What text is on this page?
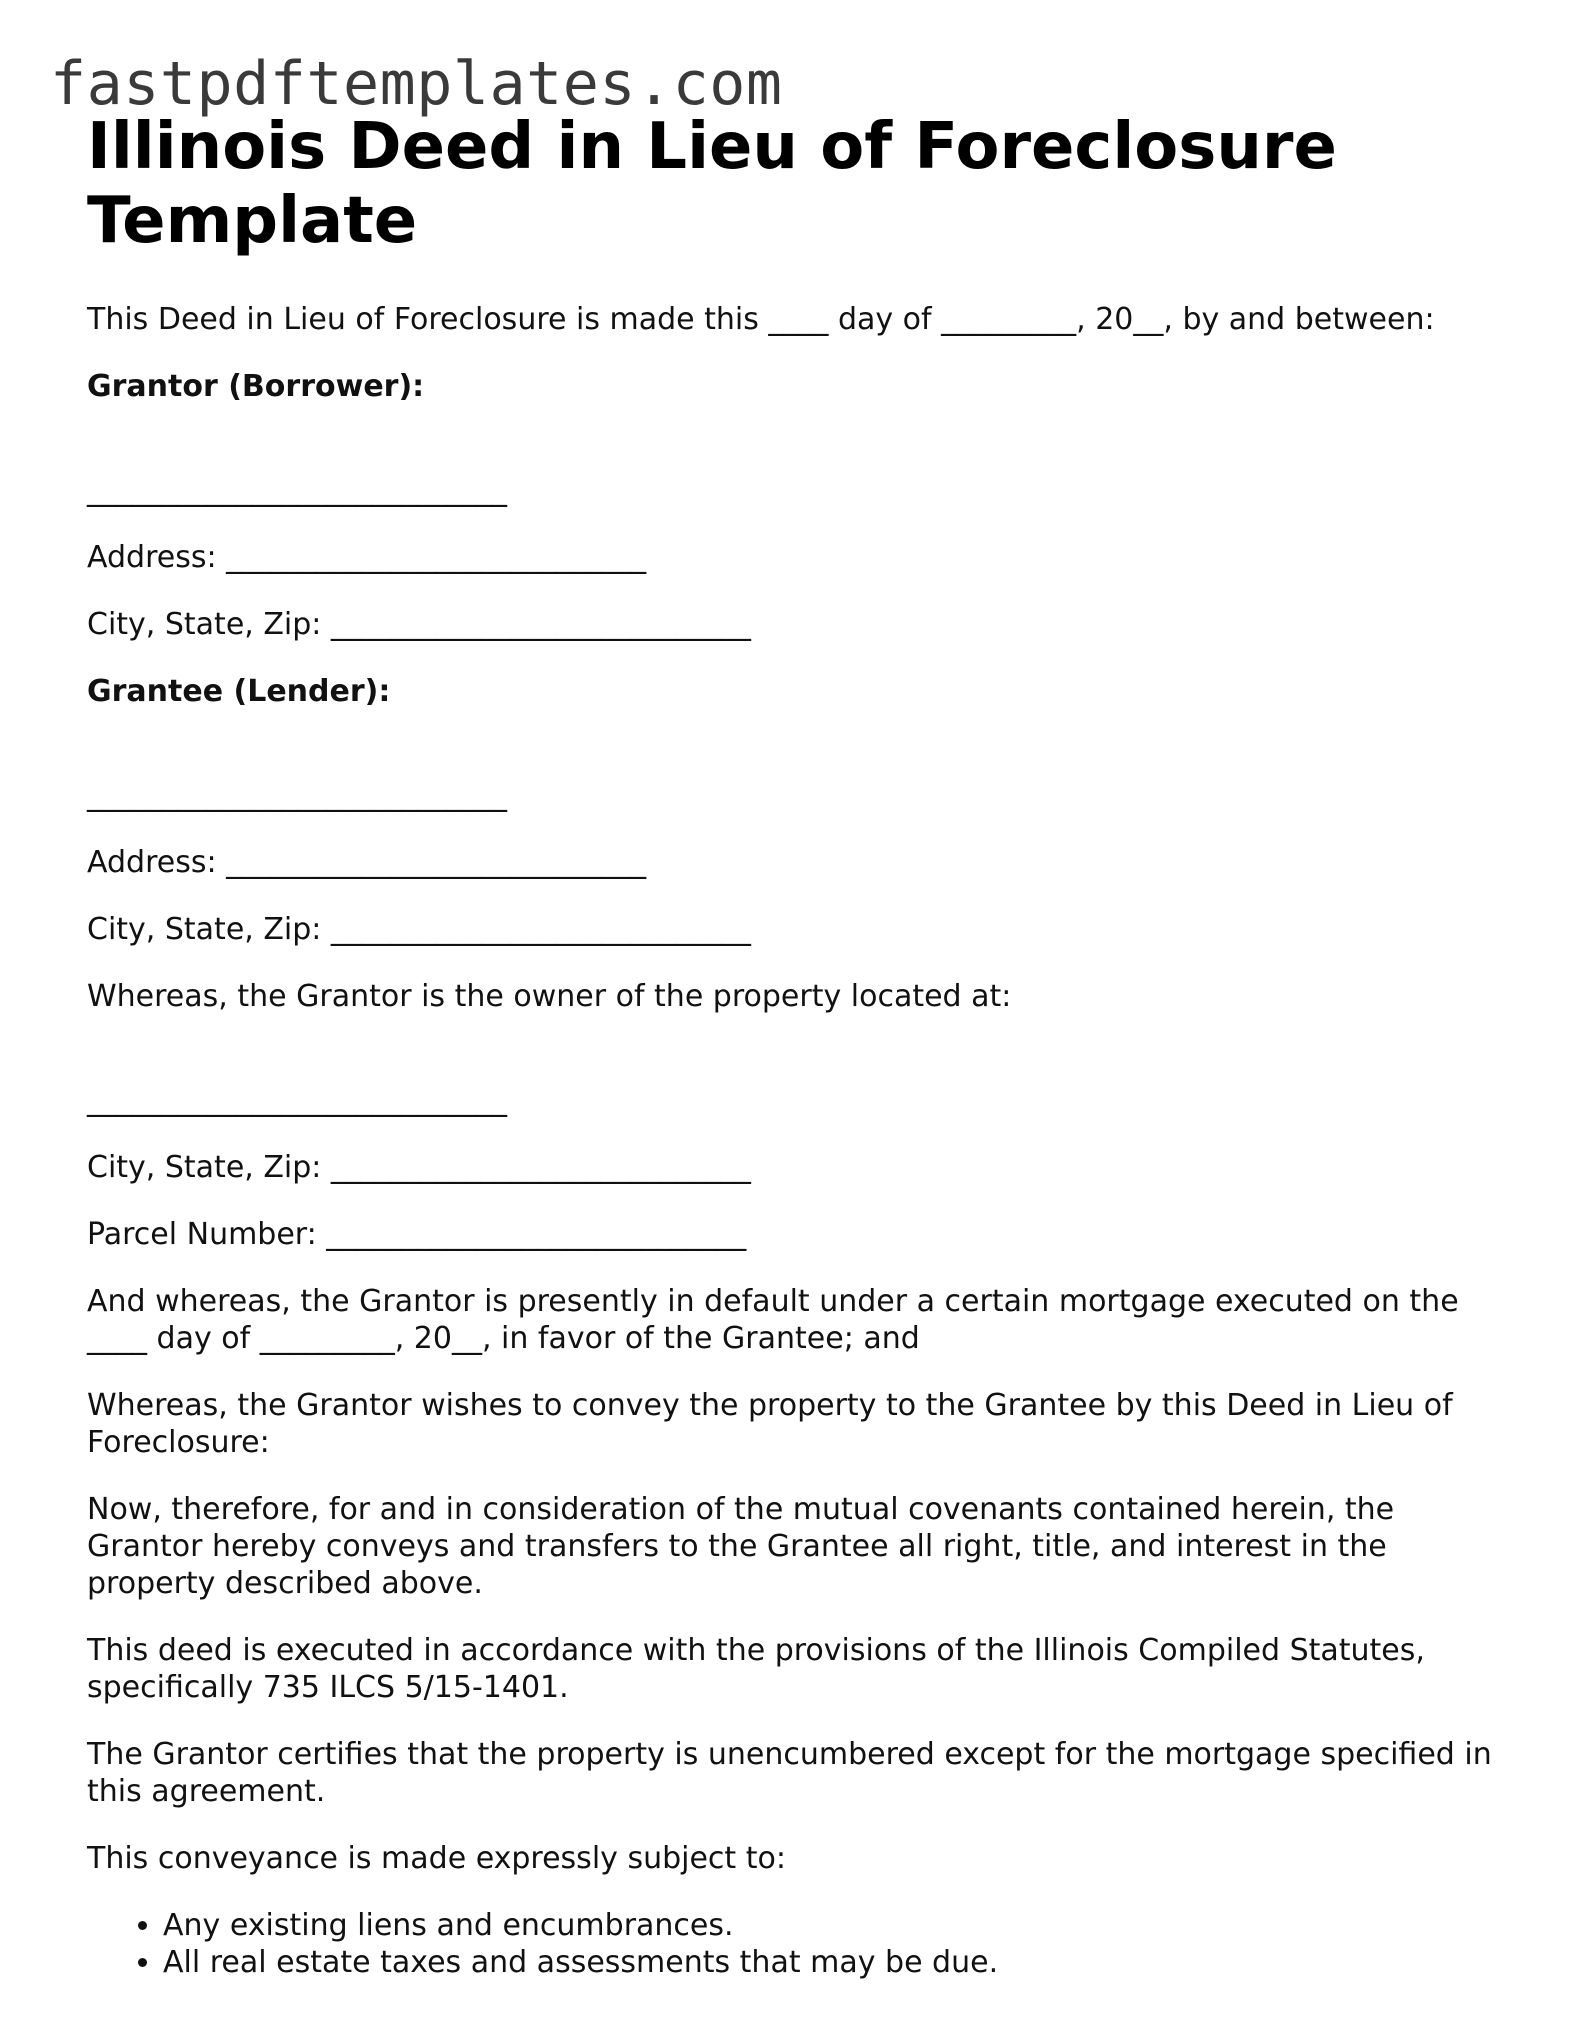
fastpdftemplates.com
Illinois Deed in Lieu of Foreclosure Template

This Deed in Lieu of Foreclosure is made this ____ day of _________, 20__, by and between:

Grantor (Borrower):

____________________________

Address: ____________________________

City, State, Zip: ____________________________

Grantee (Lender):

____________________________

Address: ____________________________

City, State, Zip: ____________________________

Whereas, the Grantor is the owner of the property located at:

____________________________

City, State, Zip: ____________________________

Parcel Number: ____________________________

And whereas, the Grantor is presently in default under a certain mortgage executed on the ____ day of _________, 20__, in favor of the Grantee; and

Whereas, the Grantor wishes to convey the property to the Grantee by this Deed in Lieu of Foreclosure:

Now, therefore, for and in consideration of the mutual covenants contained herein, the Grantor hereby conveys and transfers to the Grantee all right, title, and interest in the property described above.

This deed is executed in accordance with the provisions of the Illinois Compiled Statutes, specifically 735 ILCS 5/15-1401.

The Grantor certifies that the property is unencumbered except for the mortgage specified in this agreement.

This conveyance is made expressly subject to:

• Any existing liens and encumbrances.
• All real estate taxes and assessments that may be due.
